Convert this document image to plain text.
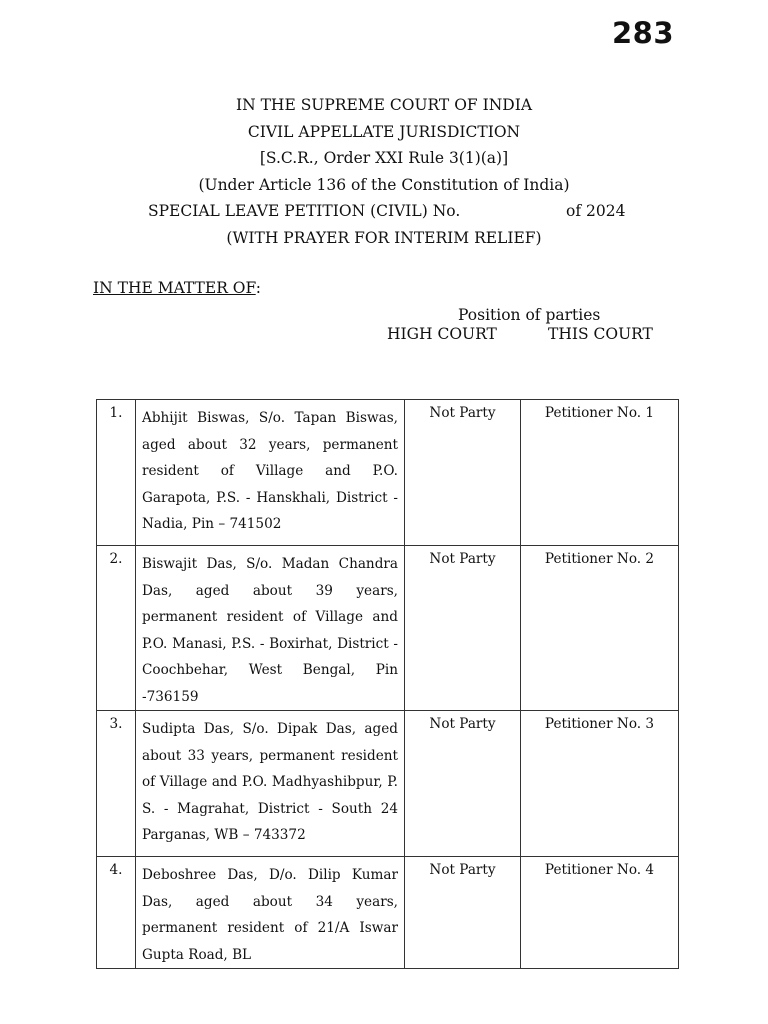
283
IN THE SUPREME COURT OF INDIA
CIVIL APPELLATE JURISDICTION
[S.C.R., Order XXI Rule 3(1)(a)]
(Under Article 136 of the Constitution of India)
SPECIAL LEAVE PETITION (CIVIL) No.	of 2024
(WITH PRAYER FOR INTERIM RELIEF)
IN THE MATTER OF:
Position of parties
HIGH COURT	THIS COURT
1.	Abhijit Biswas, S/o. Tapan Biswas, aged about 32 years, permanent resident of Village and P.O. Garapota, P.S. - Hanskhali, District - Nadia, Pin – 741502	Not Party	Petitioner No. 1
2.	Biswajit Das, S/o. Madan Chandra Das, aged about 39 years, permanent resident of Village and P.O. Manasi, P.S. - Boxirhat, District - Coochbehar, West Bengal, Pin -736159	Not Party	Petitioner No. 2
3.	Sudipta Das, S/o. Dipak Das, aged about 33 years, permanent resident of Village and P.O. Madhyashibpur, P. S. - Magrahat, District - South 24 Parganas, WB – 743372	Not Party	Petitioner No. 3
4.	Deboshree Das, D/o. Dilip Kumar Das, aged about 34 years, permanent resident of 21/A Iswar Gupta Road, BL	Not Party	Petitioner No. 4
